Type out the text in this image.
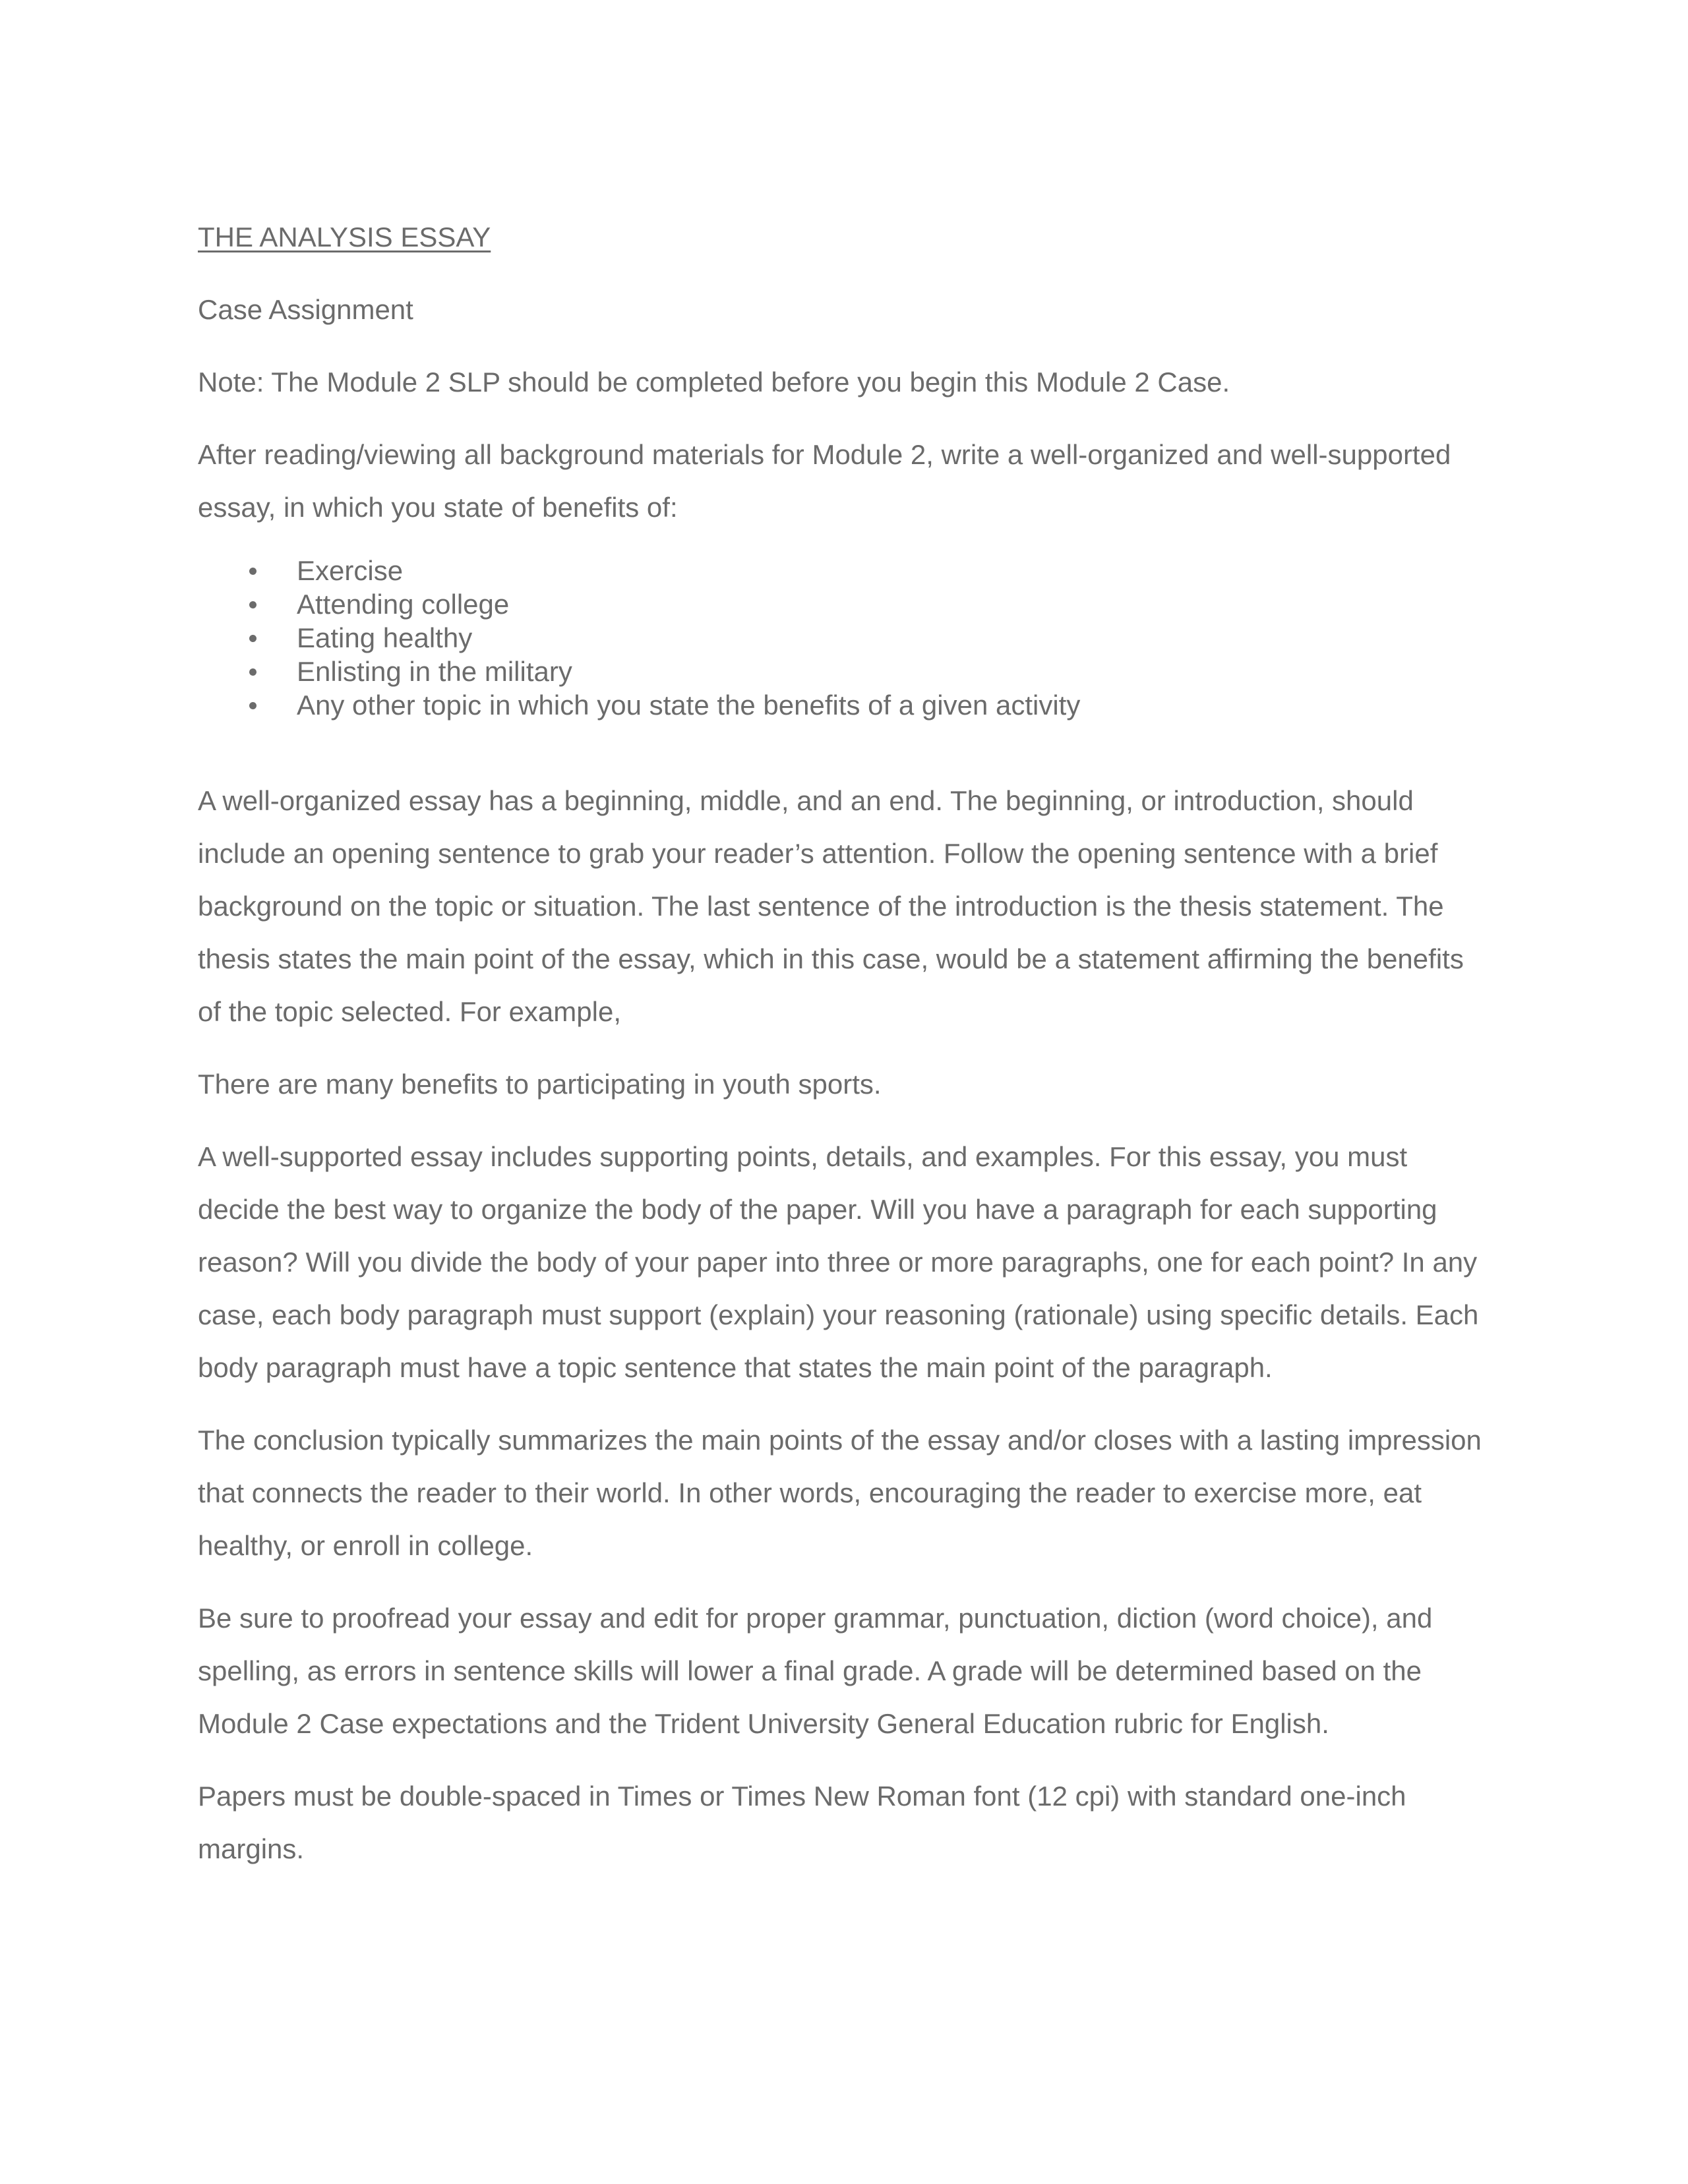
THE ANALYSIS ESSAY
Case Assignment
Note: The Module 2 SLP should be completed before you begin this Module 2 Case.
After reading/viewing all background materials for Module 2, write a well-organized and well-supported essay, in which you state of benefits of:
Exercise
Attending college
Eating healthy
Enlisting in the military
Any other topic in which you state the benefits of a given activity
A well-organized essay has a beginning, middle, and an end. The beginning, or introduction, should include an opening sentence to grab your reader’s attention. Follow the opening sentence with a brief background on the topic or situation. The last sentence of the introduction is the thesis statement. The thesis states the main point of the essay, which in this case, would be a statement affirming the benefits of the topic selected. For example,
There are many benefits to participating in youth sports.
A well-supported essay includes supporting points, details, and examples. For this essay, you must decide the best way to organize the body of the paper. Will you have a paragraph for each supporting reason? Will you divide the body of your paper into three or more paragraphs, one for each point? In any case, each body paragraph must support (explain) your reasoning (rationale) using specific details. Each body paragraph must have a topic sentence that states the main point of the paragraph.
The conclusion typically summarizes the main points of the essay and/or closes with a lasting impression that connects the reader to their world. In other words, encouraging the reader to exercise more, eat healthy, or enroll in college.
Be sure to proofread your essay and edit for proper grammar, punctuation, diction (word choice), and spelling, as errors in sentence skills will lower a final grade. A grade will be determined based on the Module 2 Case expectations and the Trident University General Education rubric for English.
Papers must be double-spaced in Times or Times New Roman font (12 cpi) with standard one-inch margins.
